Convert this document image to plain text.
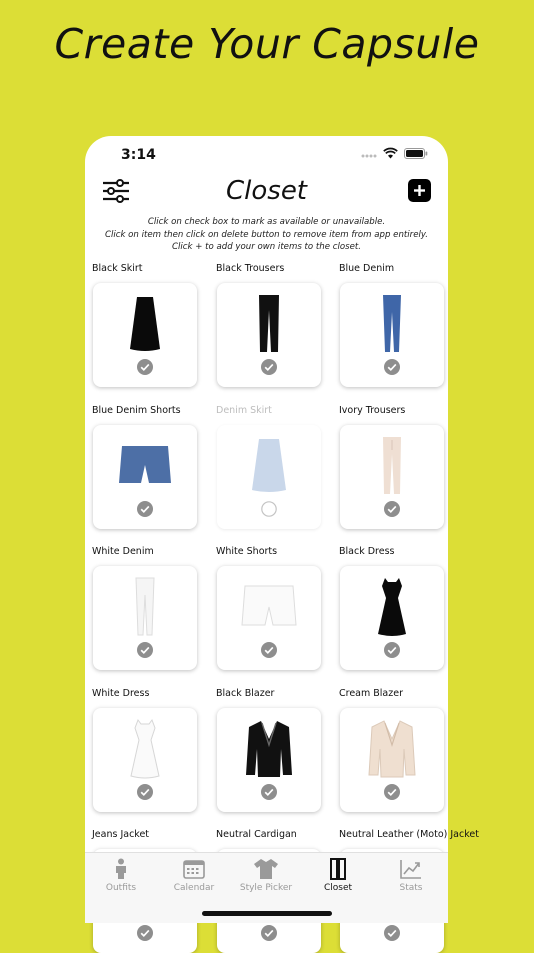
Create Your Capsule
3:14
Closet
Click on check box to mark as available or unavailable.
Click on item then click on delete button to remove item from app entirely.
Click + to add your own items to the closet.
Black Skirt	Black Trousers	Blue Denim
Blue Denim Shorts	Denim Skirt	Ivory Trousers
White Denim	White Shorts	Black Dress
White Dress	Black Blazer	Cream Blazer
Jeans Jacket	Neutral Cardigan	Neutral Leather (Moto) Jacket
Outfits	Calendar	Style Picker	Closet	Stats
